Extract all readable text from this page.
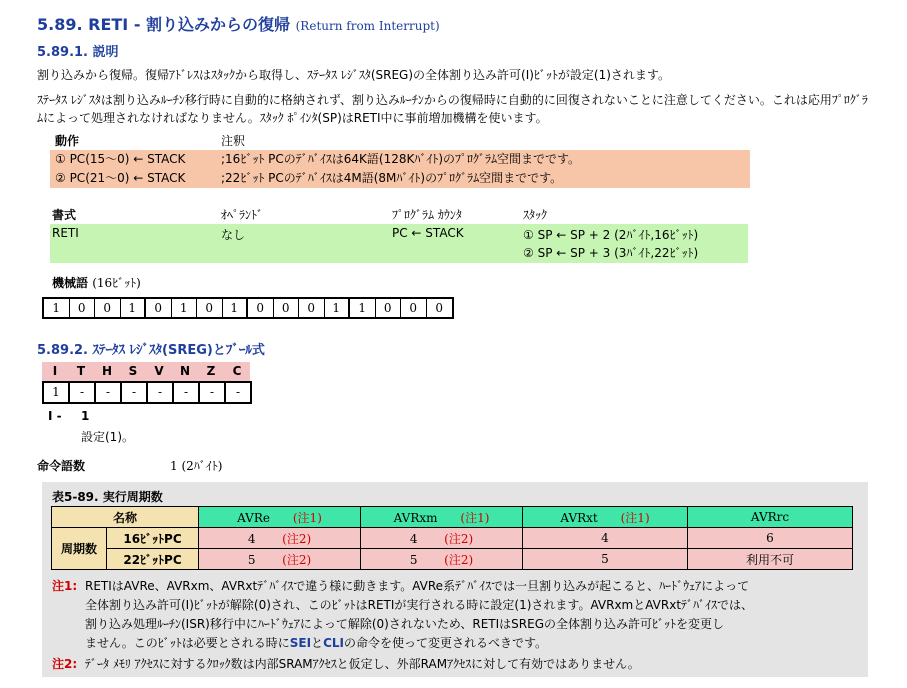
5.89. RETI - 割り込みからの復帰 (Return from Interrupt)
5.89.1. 説明
割り込みから復帰。復帰ｱﾄﾞﾚｽはｽﾀｯｸから取得し、ｽﾃｰﾀｽ ﾚｼﾞｽﾀ(SREG)の全体割り込み許可(I)ﾋﾞｯﾄが設定(1)されます。
ｽﾃｰﾀｽ ﾚｼﾞｽﾀは割り込みﾙｰﾁﾝ移行時に自動的に格納されず、割り込みﾙｰﾁﾝからの復帰時に自動的に回復されないことに注意してください。これは応用ﾌﾟﾛｸﾞﾗﾑによって処理されなければなりません。ｽﾀｯｸ ﾎﾟｲﾝﾀ(SP)はRETI中に事前増加機構を使います。
動作	注釈
① PC(15～0) ← STACK	;16ﾋﾞｯﾄ PCのﾃﾞﾊﾞｲｽは64K語(128Kﾊﾞｲﾄ)のﾌﾟﾛｸﾞﾗﾑ空間までです。
② PC(21～0) ← STACK	;22ﾋﾞｯﾄ PCのﾃﾞﾊﾞｲｽは4M語(8Mﾊﾞｲﾄ)のﾌﾟﾛｸﾞﾗﾑ空間までです。
書式	ｵﾍﾟﾗﾝﾄﾞ	ﾌﾟﾛｸﾞﾗﾑ ｶｳﾝﾀ	ｽﾀｯｸ
RETI	なし	PC ← STACK	① SP ← SP + 2 (2ﾊﾞｲﾄ,16ﾋﾞｯﾄ)
② SP ← SP + 3 (3ﾊﾞｲﾄ,22ﾋﾞｯﾄ)
機械語 (16ﾋﾞｯﾄ)
1	0	0	1	0	1	0	1	0	0	0	1	1	0	0	0
5.89.2. ｽﾃｰﾀｽ ﾚｼﾞｽﾀ(SREG)とﾌﾞｰﾙ式
I	T	H	S	V	N	Z	C
1	-	-	-	-	-	-	-
I - 1
設定(1)。
命令語数	1 (2ﾊﾞｲﾄ)
表5-89. 実行周期数
名称		AVRe (注1)	AVRxm (注1)	AVRxt (注1)	AVRrc
周期数	16ﾋﾞｯﾄPC	4 (注2)	4 (注2)	4	6
	22ﾋﾞｯﾄPC	5 (注2)	5 (注2)	5	利用不可
注1: RETIはAVRe、AVRxm、AVRxtﾃﾞﾊﾞｲｽで違う様に動きます。AVRe系ﾃﾞﾊﾞｲｽでは一旦割り込みが起こると、ﾊｰﾄﾞｳｪｱによって
全体割り込み許可(I)ﾋﾞｯﾄが解除(0)され、このﾋﾞｯﾄはRETIが実行される時に設定(1)されます。AVRxmとAVRxtﾃﾞﾊﾞｲｽでは、
割り込み処理ﾙｰﾁﾝ(ISR)移行中にﾊｰﾄﾞｳｪｱによって解除(0)されないため、RETIはSREGの全体割り込み許可ﾋﾞｯﾄを変更し
ません。このﾋﾞｯﾄは必要とされる時にSEIとCLIの命令を使って変更されるべきです。
注2: ﾃﾞｰﾀ ﾒﾓﾘ ｱｸｾｽに対するｸﾛｯｸ数は内部SRAMｱｸｾｽと仮定し、外部RAMｱｸｾｽに対して有効ではありません。
